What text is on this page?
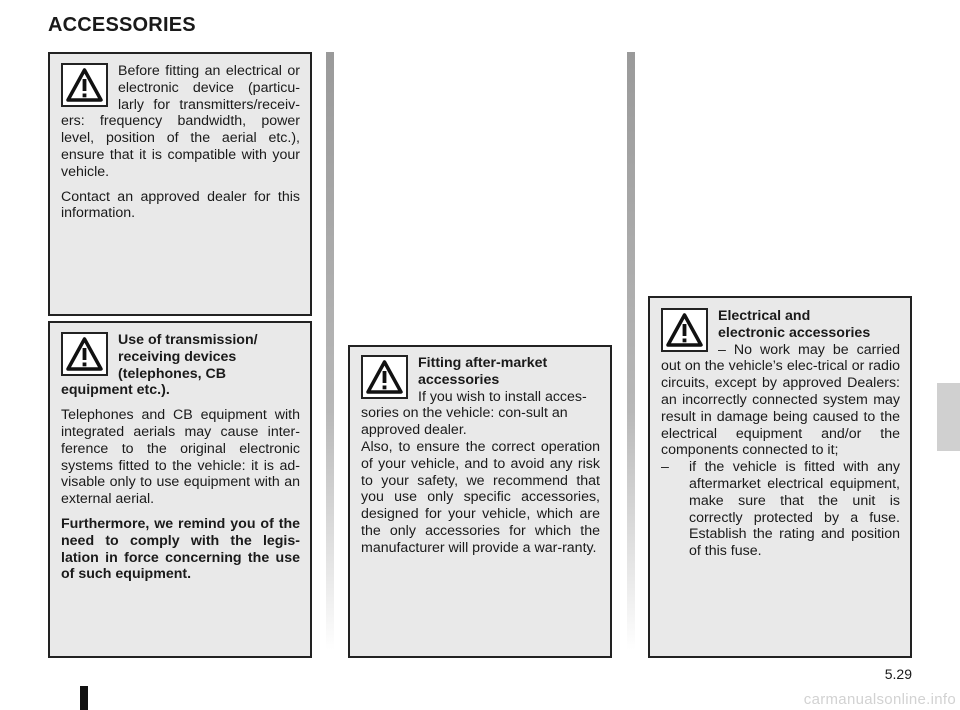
ACCESSORIES

Before fitting an electrical or electronic device (particu-larly for transmitters/receiv-ers: frequency bandwidth, power level, position of the aerial etc.), ensure that it is compatible with your vehicle.

Contact an approved dealer for this information.

Use of transmission/ receiving devices (telephones, CB equipment etc.).

Telephones and CB equipment with integrated aerials may cause inter-ference to the original electronic systems fitted to the vehicle: it is ad-visable only to use equipment with an external aerial.

Furthermore, we remind you of the need to comply with the legis-lation in force concerning the use of such equipment.

Fitting after-market accessories
If you wish to install acces-sories on the vehicle: con-sult an approved dealer.

Also, to ensure the correct operation of your vehicle, and to avoid any risk to your safety, we recommend that you use only specific accessories, designed for your vehicle, which are the only accessories for which the manufacturer will provide a war-ranty.

Electrical and electronic accessories

– No work may be carried out on the vehicle’s elec-trical or radio circuits, except by approved Dealers: an incorrectly connected system may result in damage being caused to the electrical equipment and/or the components connected to it;
– if the vehicle is fitted with any aftermarket electrical equipment, make sure that the unit is correctly protected by a fuse. Establish the rating and position of this fuse.
5.29
carmanualsonline.info
